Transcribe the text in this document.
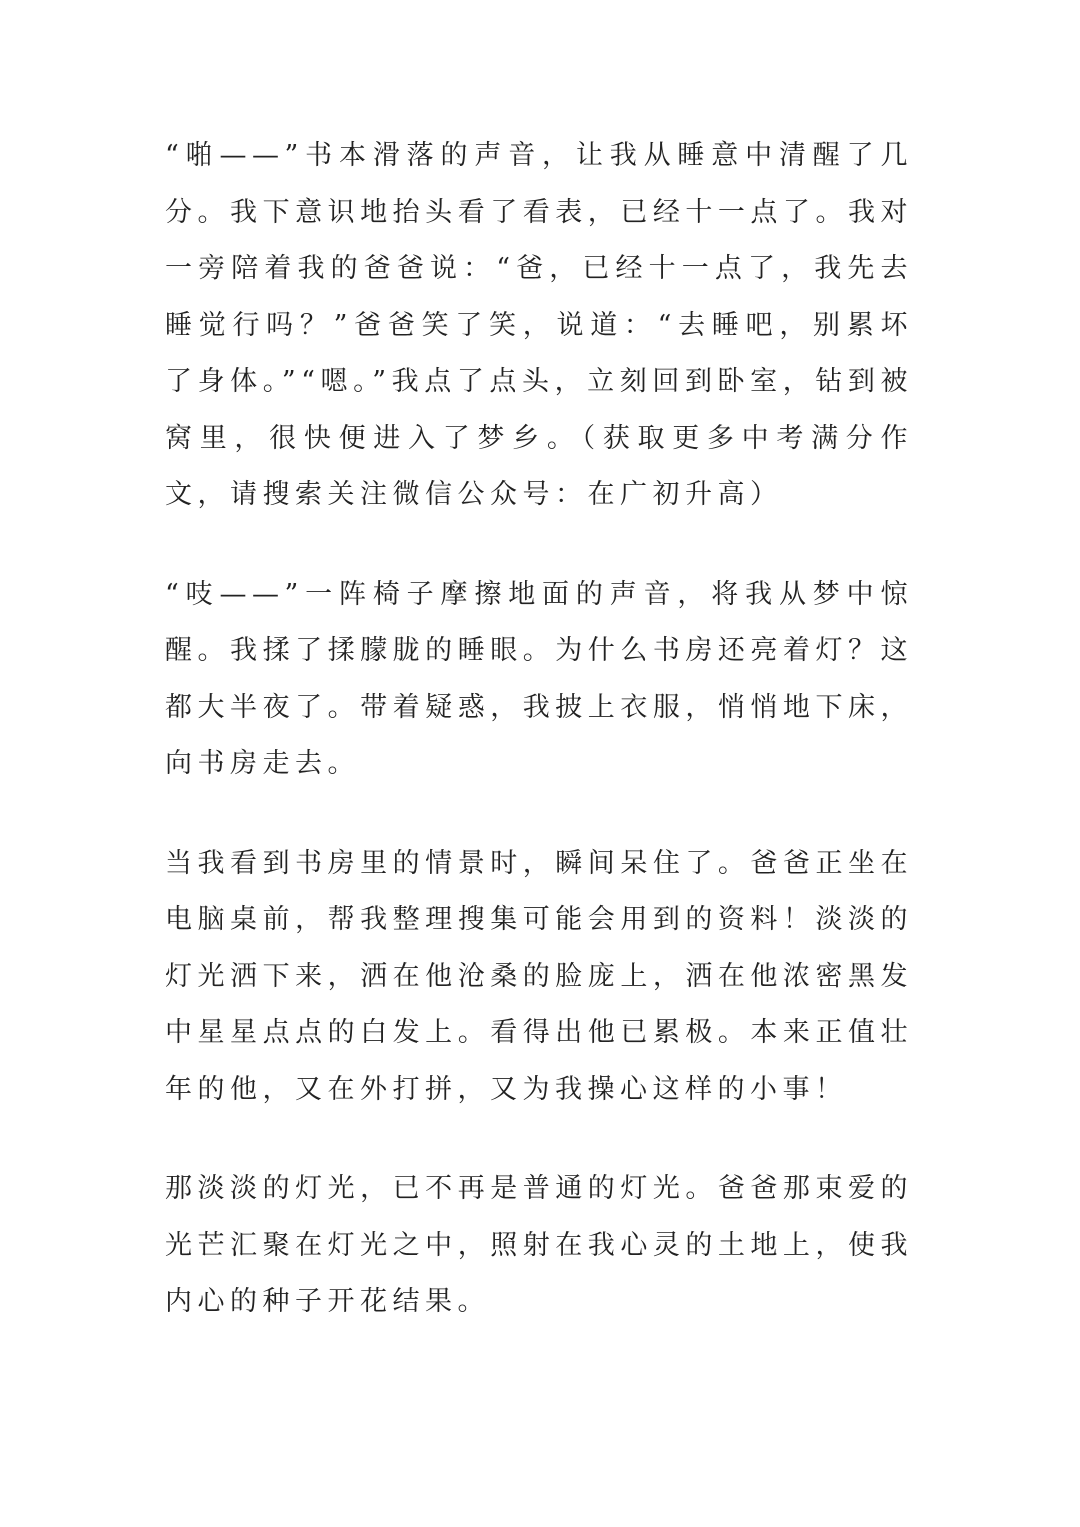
“啪——”书本滑落的声音，让我从睡意中清醒了几分。我下意识地抬头看了看表，已经十一点了。我对一旁陪着我的爸爸说：“爸，已经十一点了，我先去睡觉行吗？”爸爸笑了笑，说道：“去睡吧，别累坏了身体。”“嗯。”我点了点头，立刻回到卧室，钻到被窝里，很快便进入了梦乡。（获取更多中考满分作文，请搜索关注微信公众号：在广初升高）

“吱——”一阵椅子摩擦地面的声音，将我从梦中惊醒。我揉了揉朦胧的睡眼。为什么书房还亮着灯？这都大半夜了。带着疑惑，我披上衣服，悄悄地下床，向书房走去。

当我看到书房里的情景时，瞬间呆住了。爸爸正坐在电脑桌前，帮我整理搜集可能会用到的资料！淡淡的灯光洒下来，洒在他沧桑的脸庞上，洒在他浓密黑发中星星点点的白发上。看得出他已累极。本来正值壮年的他，又在外打拼，又为我操心这样的小事！

那淡淡的灯光，已不再是普通的灯光。爸爸那束爱的光芒汇聚在灯光之中，照射在我心灵的土地上，使我内心的种子开花结果。
